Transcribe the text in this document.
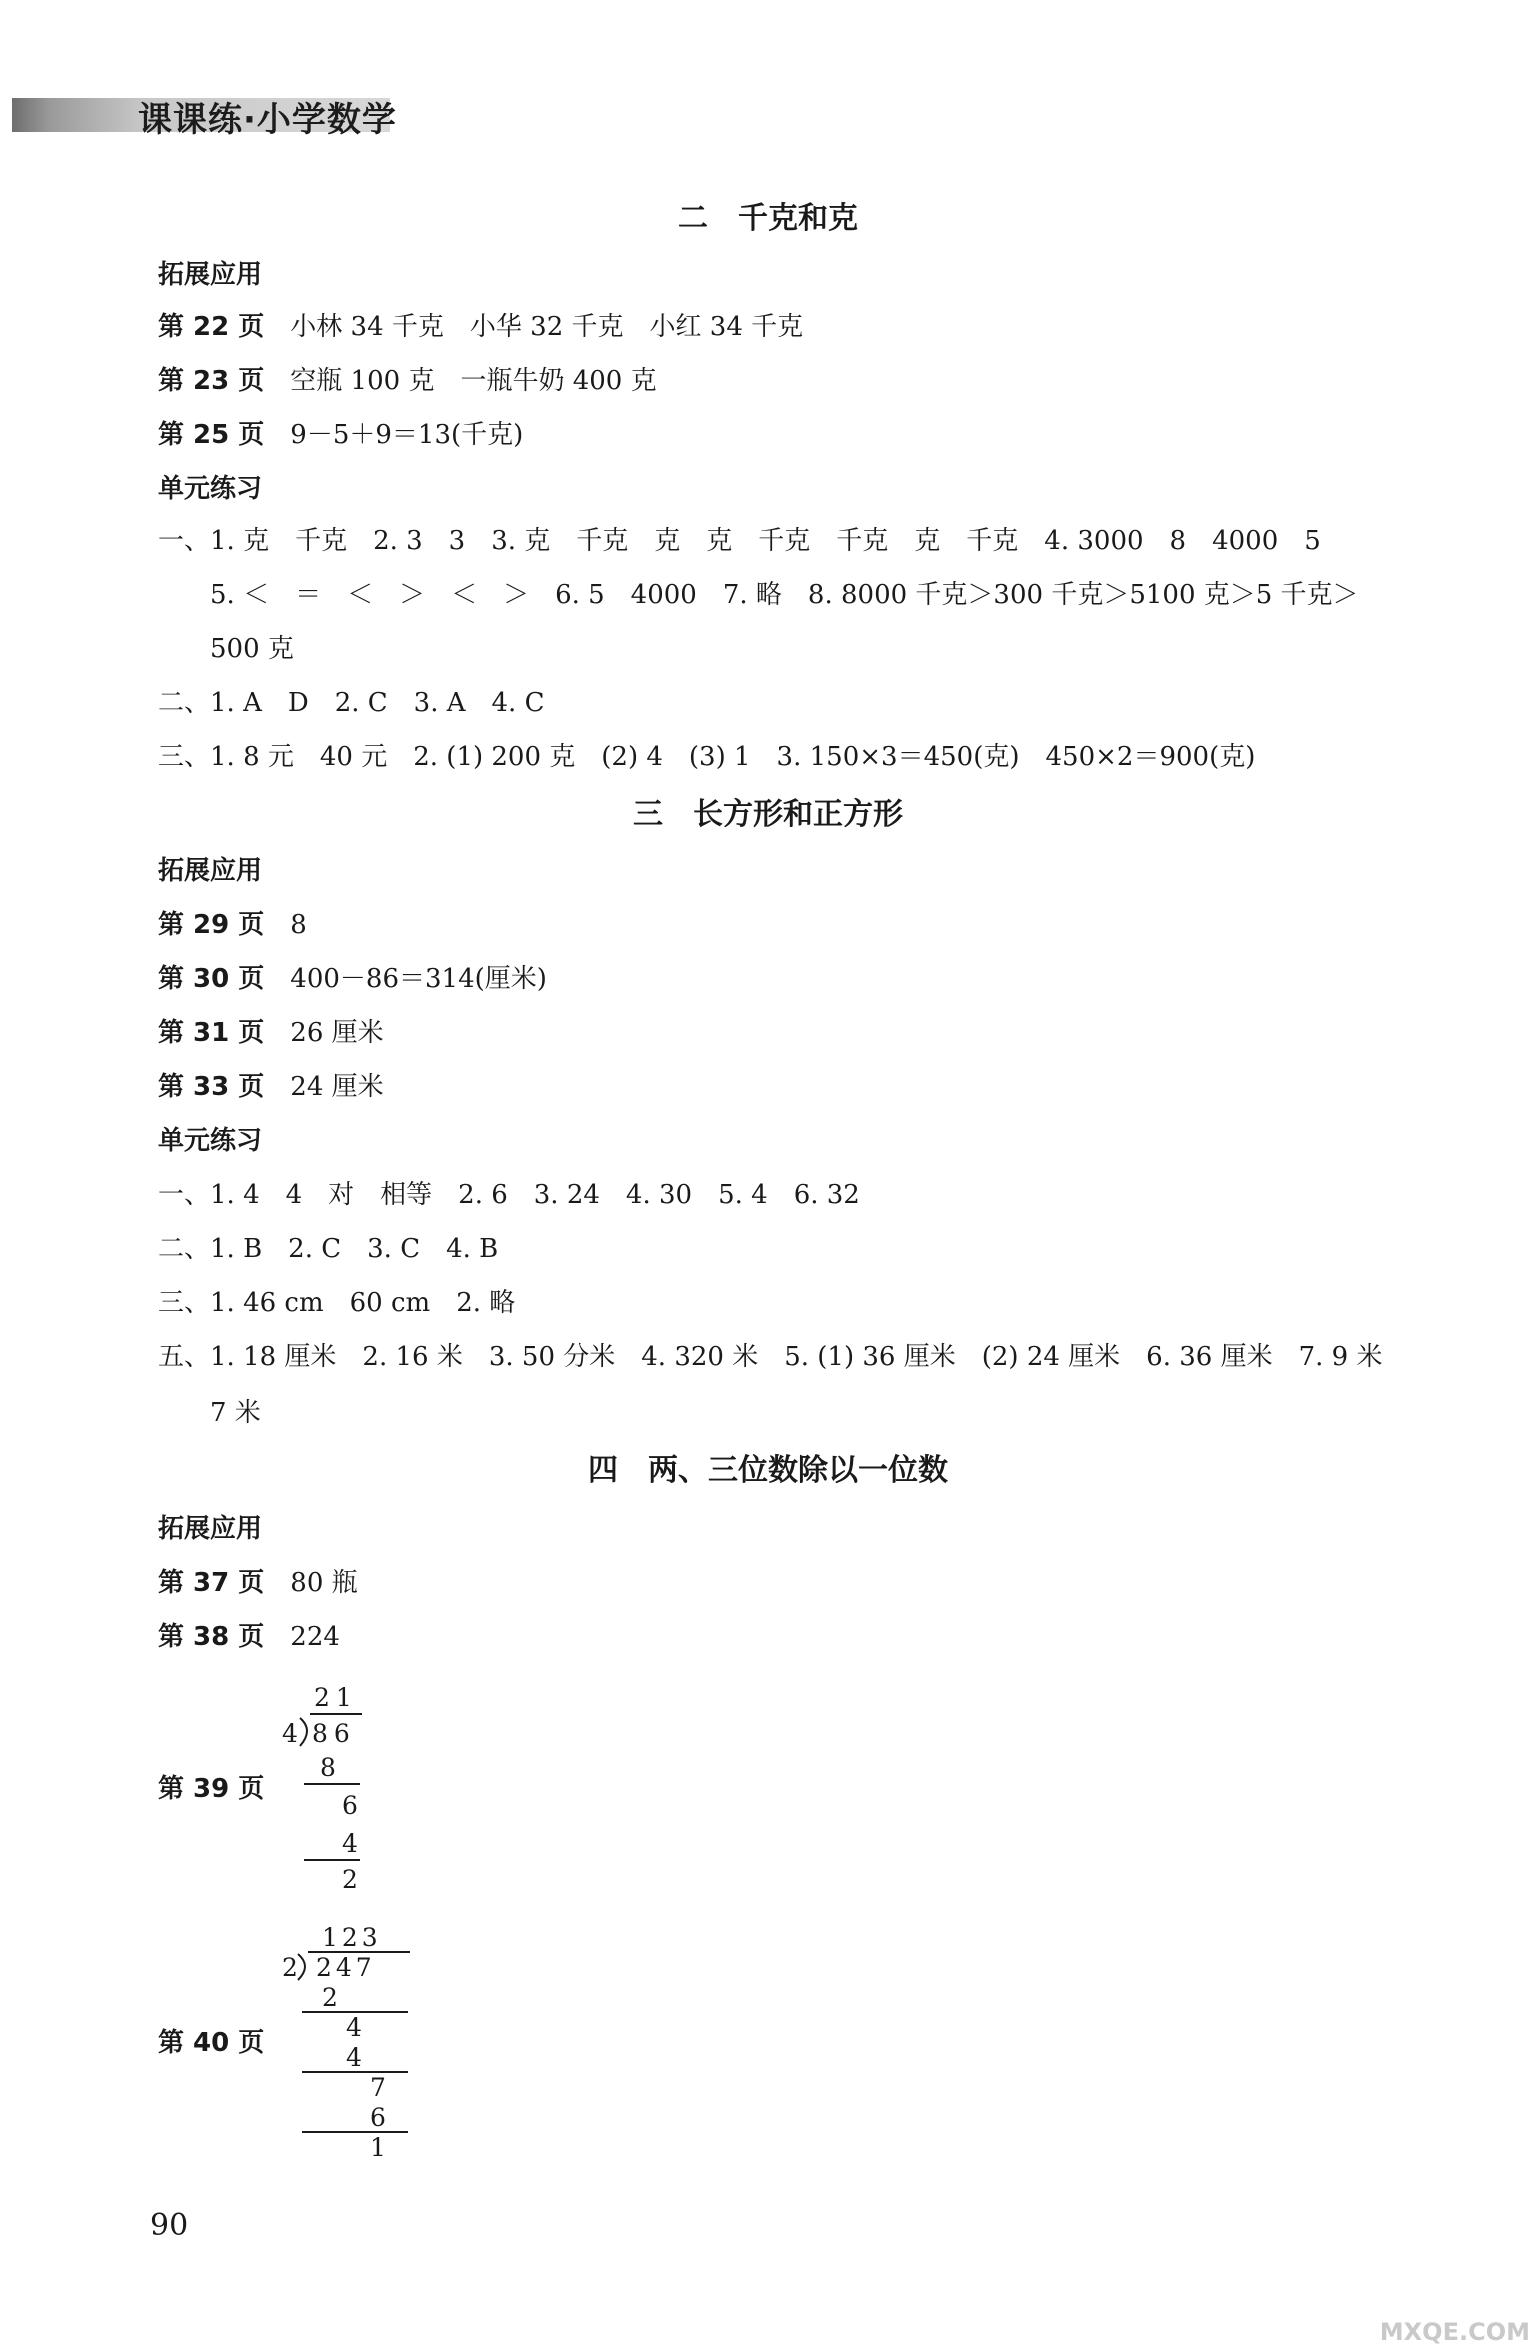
课课练·小学数学
二　千克和克
拓展应用
第 22 页 小林 34 千克　小华 32 千克　小红 34 千克
第 23 页 空瓶 100 克　一瓶牛奶 400 克
第 25 页 9－5＋9＝13(千克)
单元练习
一、1. 克　千克　2. 3　3　3. 克　千克　克　克　千克　千克　克　千克　4. 3000　8　4000　5
5. ＜　＝　＜　＞　＜　＞　6. 5　4000　7. 略　8. 8000 千克＞300 千克＞5100 克＞5 千克＞
500 克
二、1. A　D　2. C　3. A　4. C
三、1. 8 元　40 元　2. (1) 200 克　(2) 4　(3) 1　3. 150×3＝450(克)　450×2＝900(克)
三　长方形和正方形
拓展应用
第 29 页 8
第 30 页 400－86＝314(厘米)
第 31 页 26 厘米
第 33 页 24 厘米
单元练习
一、1. 4　4　对　相等　2. 6　3. 24　4. 30　5. 4　6. 32
二、1. B　2. C　3. C　4. B
三、1. 46 cm　60 cm　2. 略
五、1. 18 厘米　2. 16 米　3. 50 分米　4. 320 米　5. (1) 36 厘米　(2) 24 厘米　6. 36 厘米　7. 9 米
7 米
四　两、三位数除以一位数
拓展应用
第 37 页 80 瓶
第 38 页 224
第 39 页
21
4 86
8
6
4
2
第 40 页
123
2 247
2
4
4
7
6
1
90
MXQE.COM
